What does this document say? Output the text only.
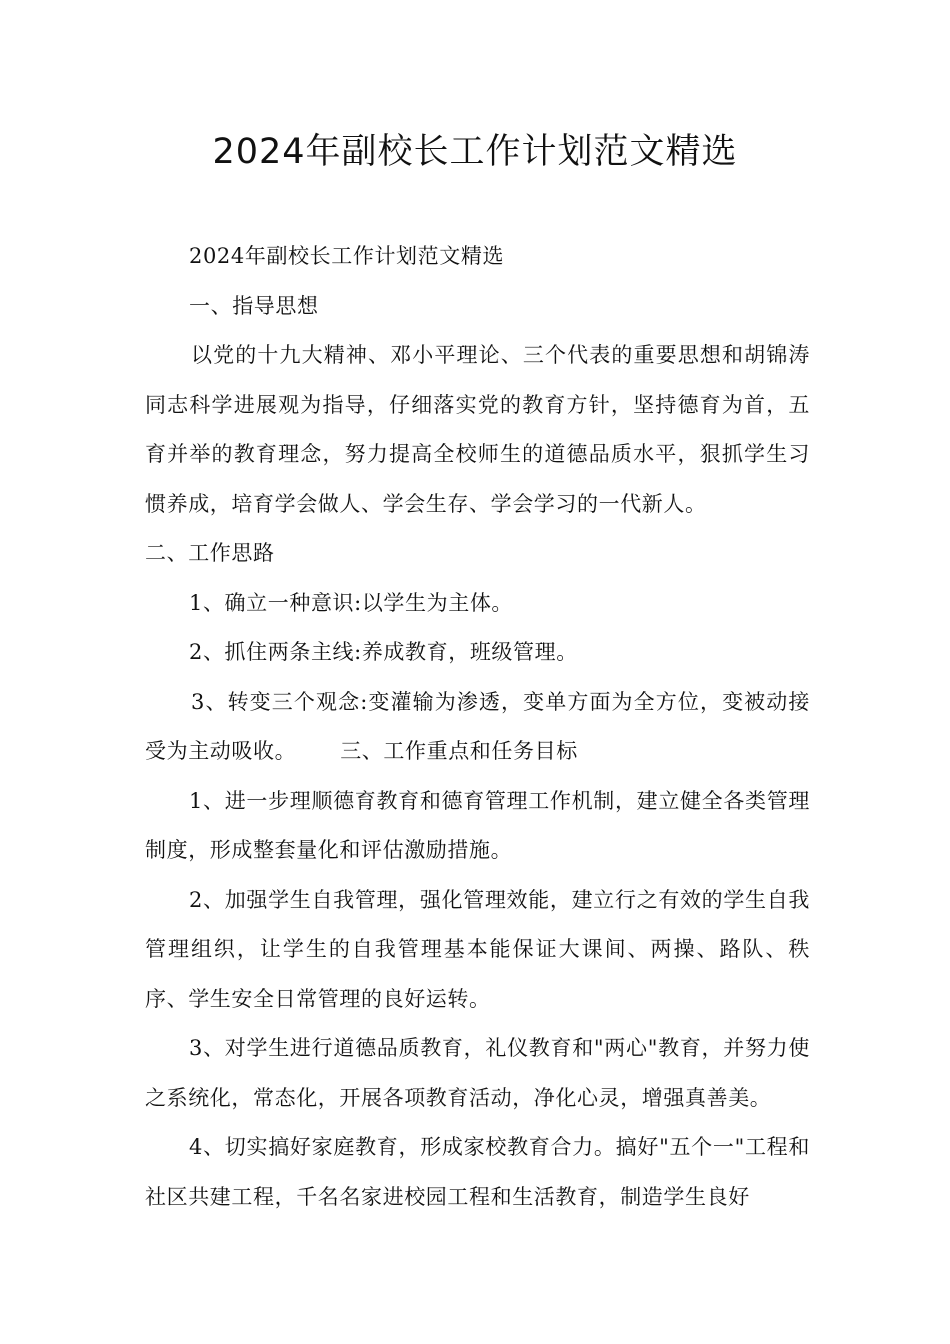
2024年副校长工作计划范文精选

2024年副校长工作计划范文精选

一、指导思想

以党的十九大精神、邓小平理论、三个代表的重要思想和胡锦涛同志科学进展观为指导，仔细落实党的教育方针，坚持德育为首，五育并举的教育理念，努力提高全校师生的道德品质水平，狠抓学生习惯养成，培育学会做人、学会生存、学会学习的一代新人。

二、工作思路

1、确立一种意识:以学生为主体。

2、抓住两条主线:养成教育，班级管理。

3、转变三个观念:变灌输为渗透，变单方面为全方位，变被动接受为主动吸收。 三、工作重点和任务目标

1、进一步理顺德育教育和德育管理工作机制，建立健全各类管理制度，形成整套量化和评估激励措施。

2、加强学生自我管理，强化管理效能，建立行之有效的学生自我管理组织，让学生的自我管理基本能保证大课间、两操、路队、秩序、学生安全日常管理的良好运转。

3、对学生进行道德品质教育，礼仪教育和"两心"教育，并努力使之系统化，常态化，开展各项教育活动，净化心灵，增强真善美。

4、切实搞好家庭教育，形成家校教育合力。搞好"五个一"工程和社区共建工程，千名名家进校园工程和生活教育，制造学生良好
